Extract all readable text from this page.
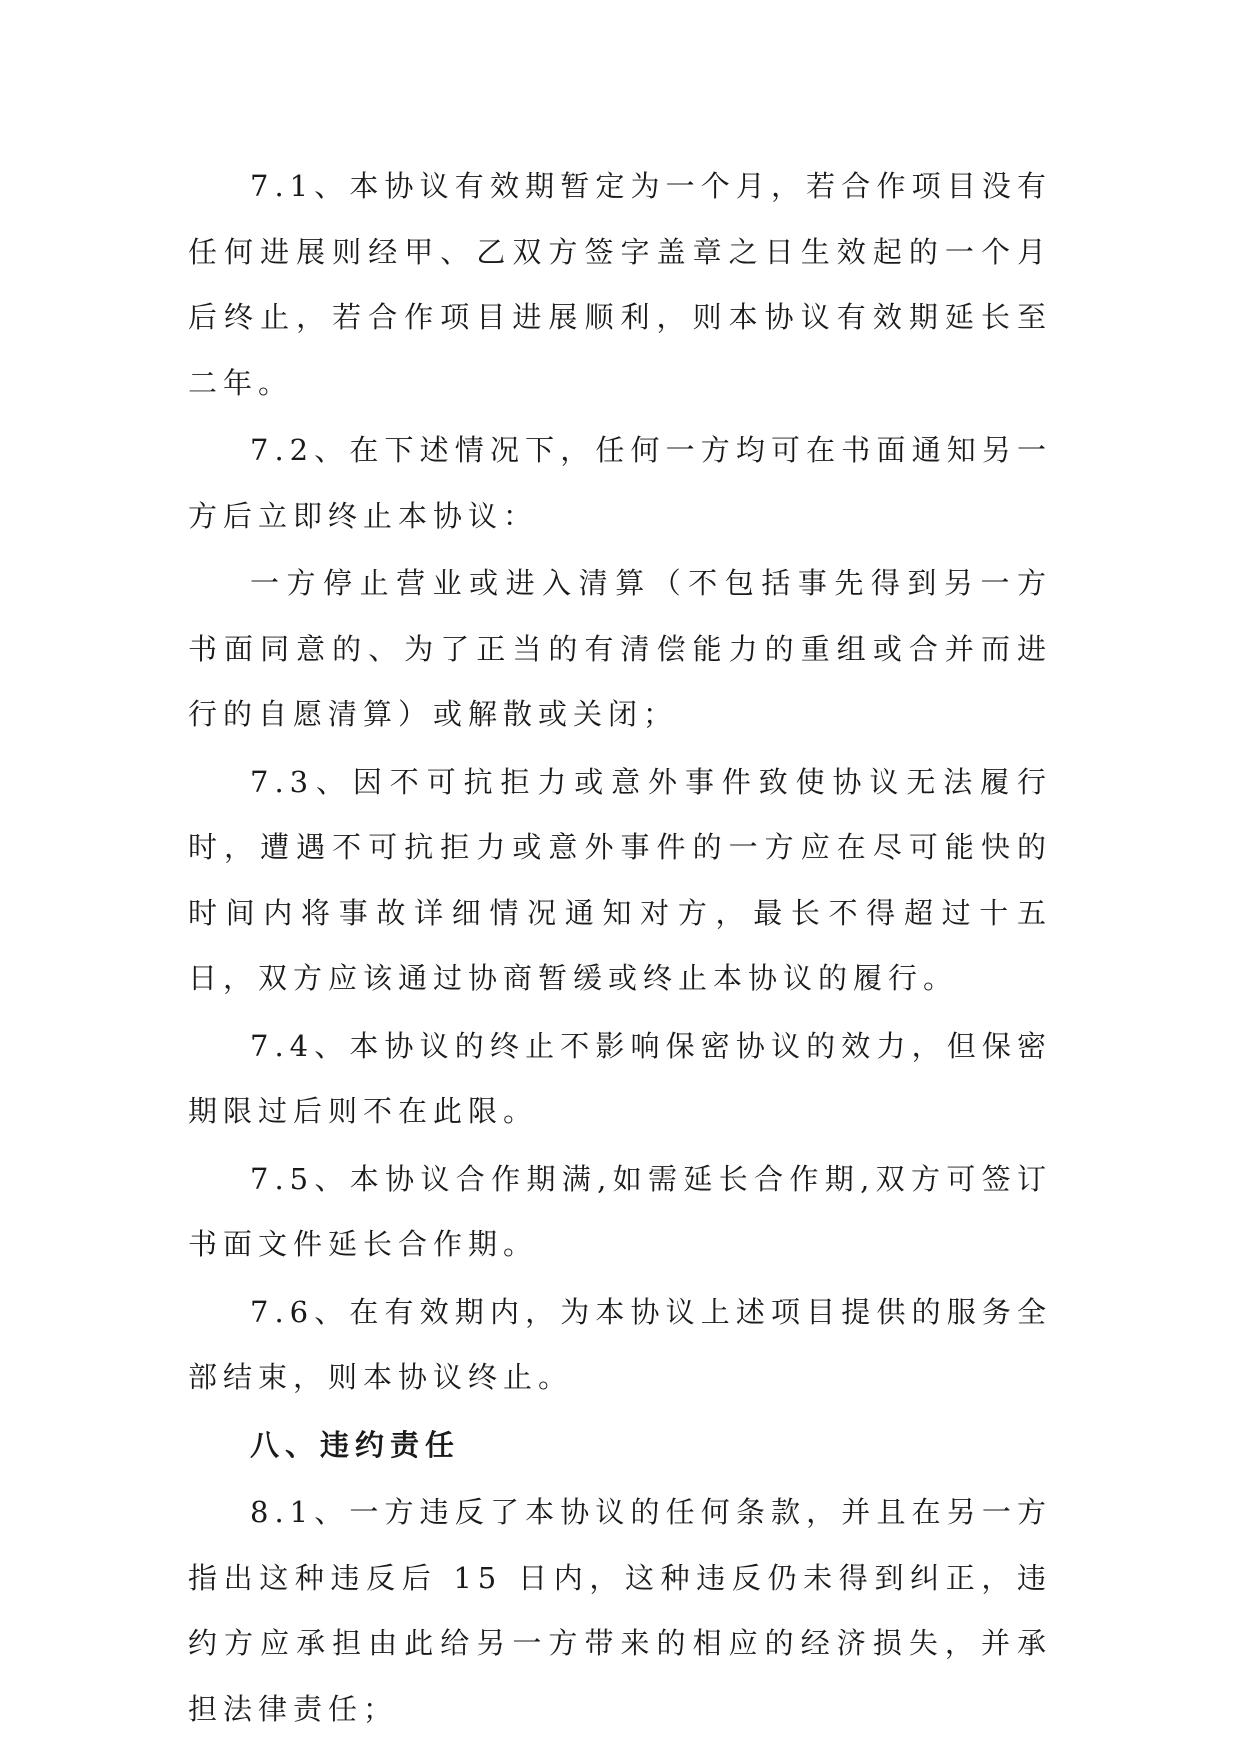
7.1、本协议有效期暂定为一个月，若合作项目没有任何进展则经甲、乙双方签字盖章之日生效起的一个月后终止，若合作项目进展顺利，则本协议有效期延长至二年。

7.2、在下述情况下，任何一方均可在书面通知另一方后立即终止本协议：

一方停止营业或进入清算（不包括事先得到另一方书面同意的、为了正当的有清偿能力的重组或合并而进行的自愿清算）或解散或关闭；

7.3、因不可抗拒力或意外事件致使协议无法履行时，遭遇不可抗拒力或意外事件的一方应在尽可能快的时间内将事故详细情况通知对方，最长不得超过十五日，双方应该通过协商暂缓或终止本协议的履行。

7.4、本协议的终止不影响保密协议的效力，但保密期限过后则不在此限。

7.5、本协议合作期满,如需延长合作期,双方可签订书面文件延长合作期。

7.6、在有效期内，为本协议上述项目提供的服务全部结束，则本协议终止。

八、违约责任

8.1、一方违反了本协议的任何条款，并且在另一方指出这种违反后 15 日内，这种违反仍未得到纠正，违约方应承担由此给另一方带来的相应的经济损失，并承担法律责任；
